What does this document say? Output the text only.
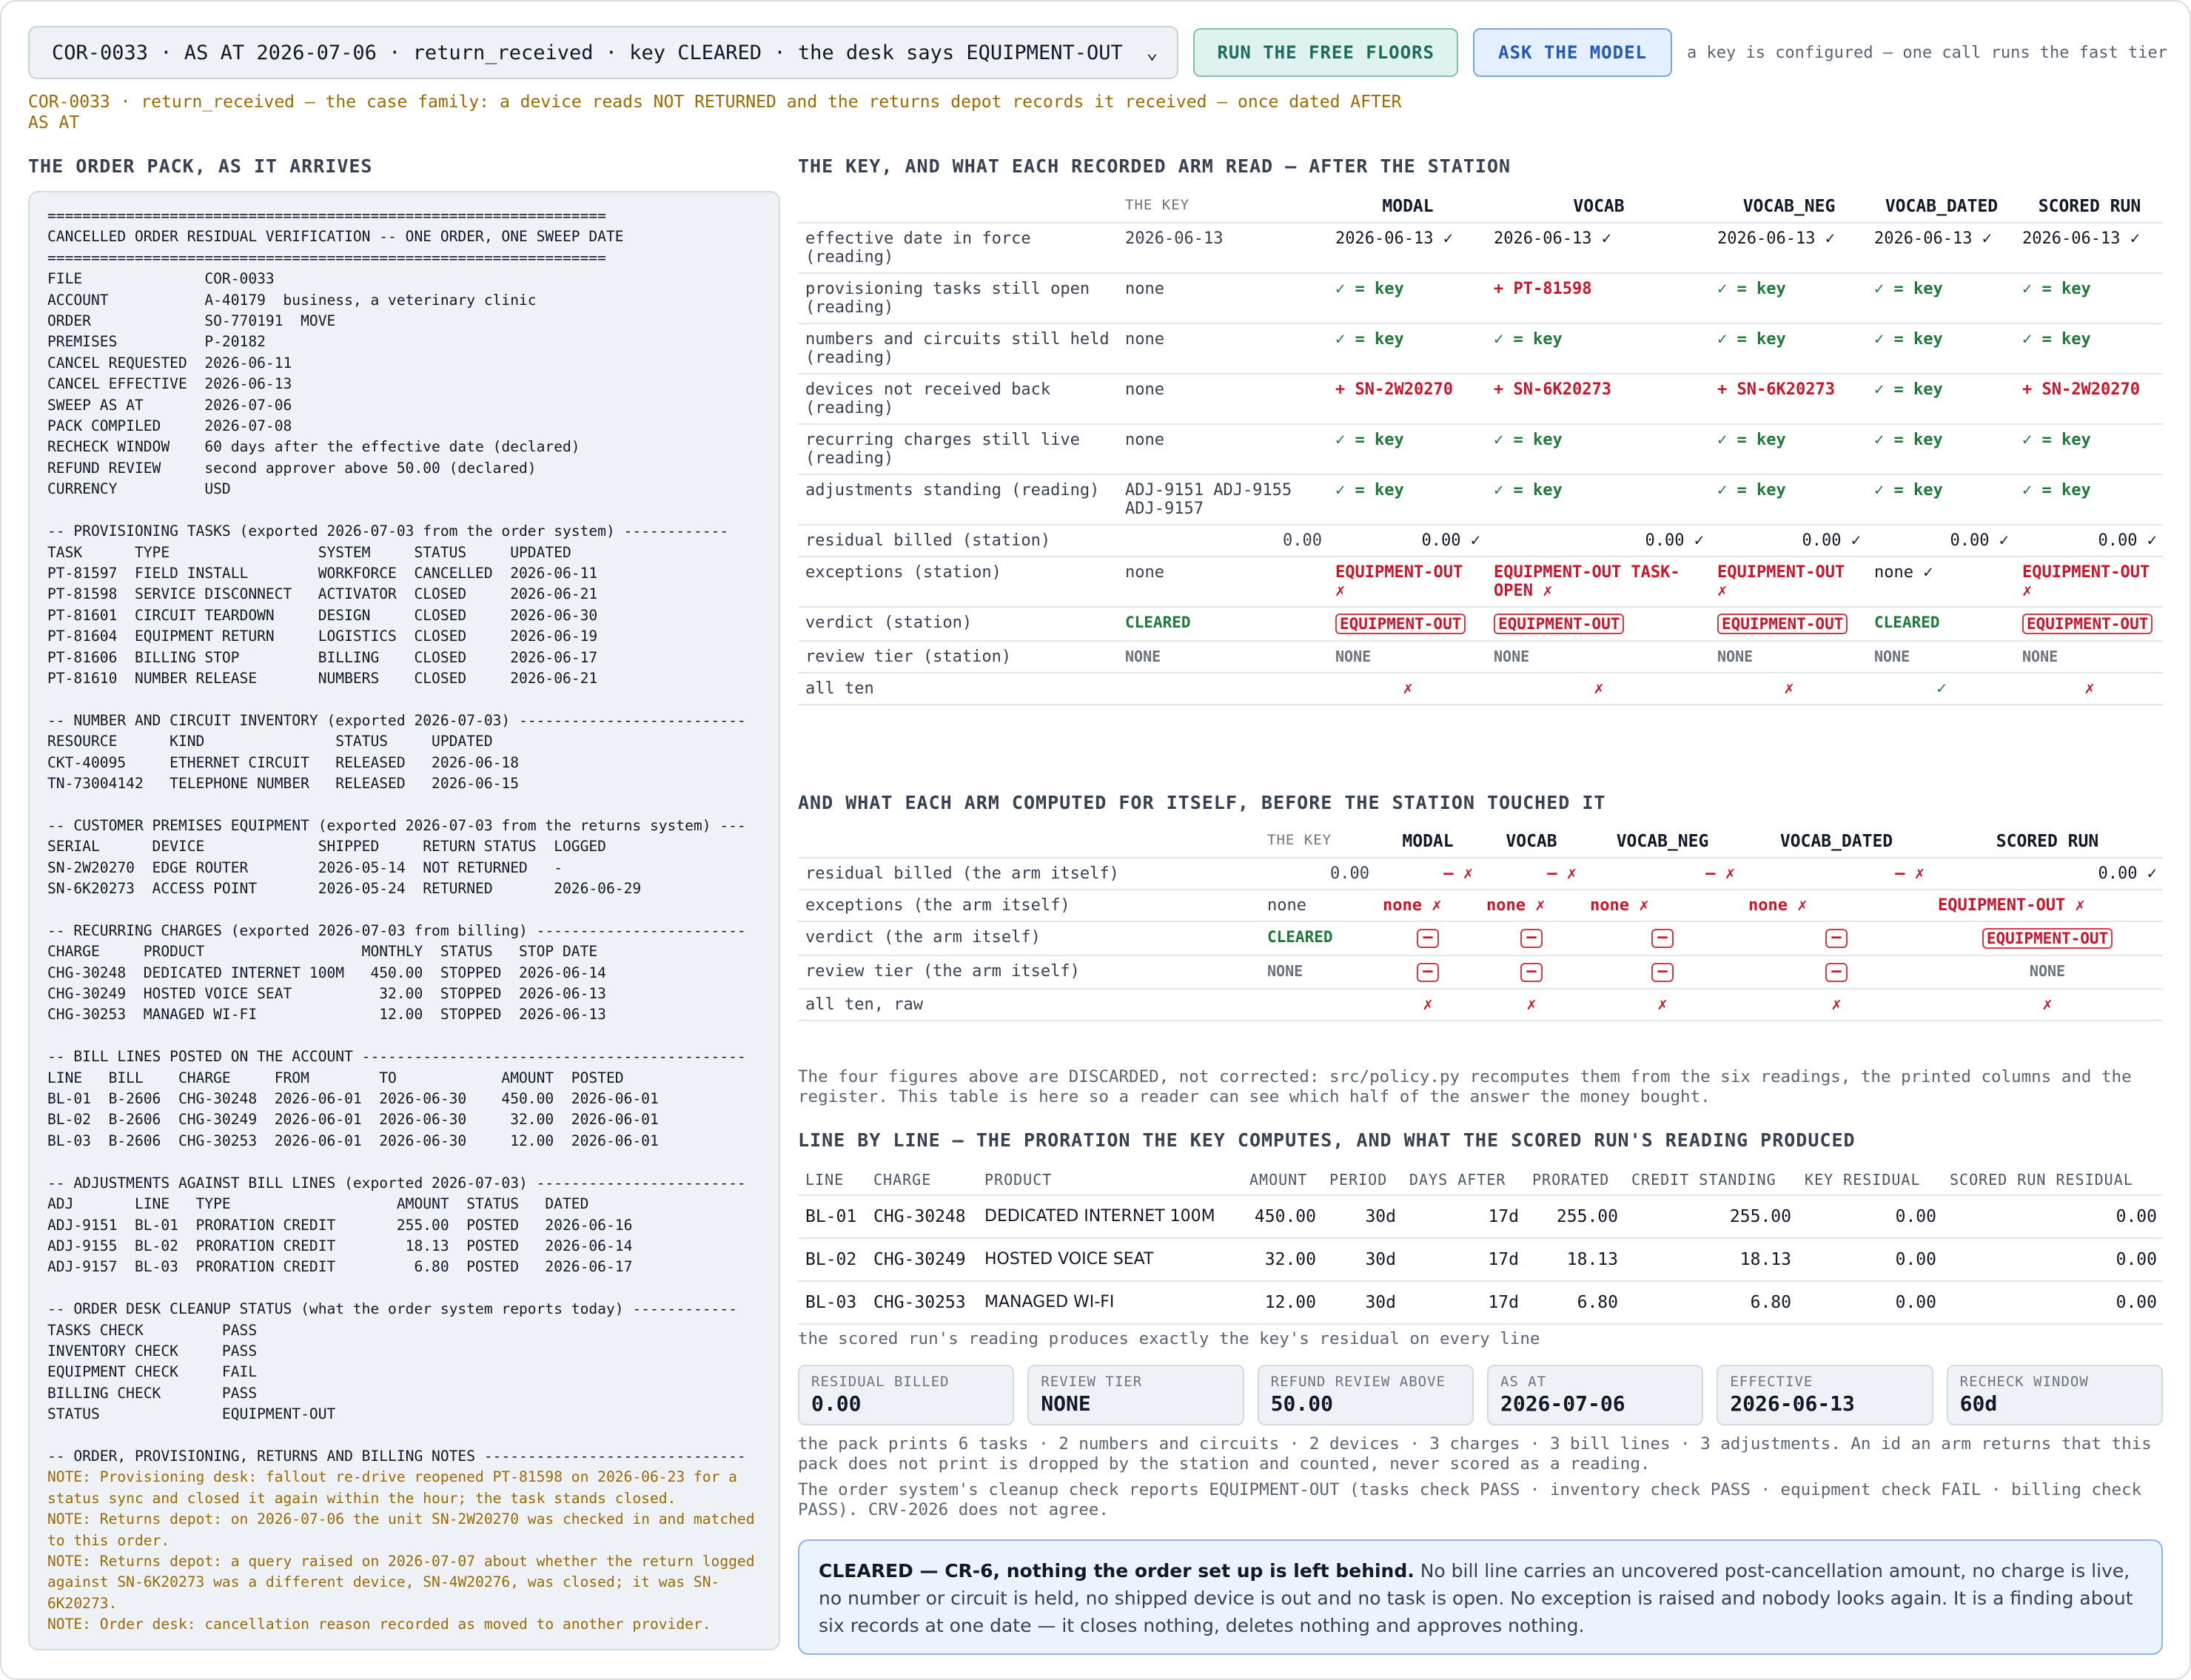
COR-0033 · AS AT 2026-07-06 · return_received · key CLEARED · the desk says EQUIPMENT-OUT ⌄	RUN THE FREE FLOORS	ASK THE MODEL	a key is configured — one call runs the fast tier
COR-0033 · return_received — the case family: a device reads NOT RETURNED and the returns depot records it received — once dated AFTER AS AT
THE ORDER PACK, AS IT ARRIVES
================================================================
CANCELLED ORDER RESIDUAL VERIFICATION -- ONE ORDER, ONE SWEEP DATE
================================================================
FILE              COR-0033
ACCOUNT           A-40179  business, a veterinary clinic
ORDER             SO-770191  MOVE
PREMISES          P-20182
CANCEL REQUESTED  2026-06-11
CANCEL EFFECTIVE  2026-06-13
SWEEP AS AT       2026-07-06
PACK COMPILED     2026-07-08
RECHECK WINDOW    60 days after the effective date (declared)
REFUND REVIEW     second approver above 50.00 (declared)
CURRENCY          USD

-- PROVISIONING TASKS (exported 2026-07-03 from the order system) ------------
TASK      TYPE                 SYSTEM     STATUS     UPDATED
PT-81597  FIELD INSTALL        WORKFORCE  CANCELLED  2026-06-11
PT-81598  SERVICE DISCONNECT   ACTIVATOR  CLOSED     2026-06-21
PT-81601  CIRCUIT TEARDOWN     DESIGN     CLOSED     2026-06-30
PT-81604  EQUIPMENT RETURN     LOGISTICS  CLOSED     2026-06-19
PT-81606  BILLING STOP         BILLING    CLOSED     2026-06-17
PT-81610  NUMBER RELEASE       NUMBERS    CLOSED     2026-06-21

-- NUMBER AND CIRCUIT INVENTORY (exported 2026-07-03) --------------------------
RESOURCE      KIND               STATUS     UPDATED
CKT-40095     ETHERNET CIRCUIT   RELEASED   2026-06-18
TN-73004142   TELEPHONE NUMBER   RELEASED   2026-06-15

-- CUSTOMER PREMISES EQUIPMENT (exported 2026-07-03 from the returns system) ---
SERIAL      DEVICE             SHIPPED     RETURN STATUS  LOGGED
SN-2W20270  EDGE ROUTER        2026-05-14  NOT RETURNED   -
SN-6K20273  ACCESS POINT       2026-05-24  RETURNED       2026-06-29

-- RECURRING CHARGES (exported 2026-07-03 from billing) ------------------------
CHARGE     PRODUCT                  MONTHLY  STATUS   STOP DATE
CHG-30248  DEDICATED INTERNET 100M   450.00  STOPPED  2026-06-14
CHG-30249  HOSTED VOICE SEAT          32.00  STOPPED  2026-06-13
CHG-30253  MANAGED WI-FI              12.00  STOPPED  2026-06-13

-- BILL LINES POSTED ON THE ACCOUNT --------------------------------------------
LINE   BILL    CHARGE     FROM        TO            AMOUNT  POSTED
BL-01  B-2606  CHG-30248  2026-06-01  2026-06-30    450.00  2026-06-01
BL-02  B-2606  CHG-30249  2026-06-01  2026-06-30     32.00  2026-06-01
BL-03  B-2606  CHG-30253  2026-06-01  2026-06-30     12.00  2026-06-01

-- ADJUSTMENTS AGAINST BILL LINES (exported 2026-07-03) ------------------------
ADJ       LINE   TYPE                   AMOUNT  STATUS   DATED
ADJ-9151  BL-01  PRORATION CREDIT       255.00  POSTED   2026-06-16
ADJ-9155  BL-02  PRORATION CREDIT        18.13  POSTED   2026-06-14
ADJ-9157  BL-03  PRORATION CREDIT         6.80  POSTED   2026-06-17

-- ORDER DESK CLEANUP STATUS (what the order system reports today) ------------
TASKS CHECK         PASS
INVENTORY CHECK     PASS
EQUIPMENT CHECK     FAIL
BILLING CHECK       PASS
STATUS              EQUIPMENT-OUT

-- ORDER, PROVISIONING, RETURNS AND BILLING NOTES ------------------------------
NOTE: Provisioning desk: fallout re-drive reopened PT-81598 on 2026-06-23 for a status sync and closed it again within the hour; the task stands closed.
NOTE: Returns depot: on 2026-07-06 the unit SN-2W20270 was checked in and matched to this order.
NOTE: Returns depot: a query raised on 2026-07-07 about whether the return logged against SN-6K20273 was a different device, SN-4W20276, was closed; it was SN-6K20273.
NOTE: Order desk: cancellation reason recorded as moved to another provider.
THE KEY, AND WHAT EACH RECORDED ARM READ — AFTER THE STATION
	THE KEY	MODAL	VOCAB	VOCAB_NEG	VOCAB_DATED	SCORED RUN
effective date in force (reading)	2026-06-13	2026-06-13 ✓	2026-06-13 ✓	2026-06-13 ✓	2026-06-13 ✓	2026-06-13 ✓
provisioning tasks still open (reading)	none	✓ = key	+ PT-81598	✓ = key	✓ = key	✓ = key
numbers and circuits still held (reading)	none	✓ = key	✓ = key	✓ = key	✓ = key	✓ = key
devices not received back (reading)	none	+ SN-2W20270	+ SN-6K20273	+ SN-6K20273	✓ = key	+ SN-2W20270
recurring charges still live (reading)	none	✓ = key	✓ = key	✓ = key	✓ = key	✓ = key
adjustments standing (reading)	ADJ-9151 ADJ-9155 ADJ-9157	✓ = key	✓ = key	✓ = key	✓ = key	✓ = key
residual billed (station)	0.00	0.00 ✓	0.00 ✓	0.00 ✓	0.00 ✓	0.00 ✓
exceptions (station)	none	EQUIPMENT-OUT ✗	EQUIPMENT-OUT TASK-OPEN ✗	EQUIPMENT-OUT ✗	none ✓	EQUIPMENT-OUT ✗
verdict (station)	CLEARED	EQUIPMENT-OUT	EQUIPMENT-OUT	EQUIPMENT-OUT	CLEARED	EQUIPMENT-OUT
review tier (station)	NONE	NONE	NONE	NONE	NONE	NONE
all ten		✗	✗	✗	✓	✗
AND WHAT EACH ARM COMPUTED FOR ITSELF, BEFORE THE STATION TOUCHED IT
	THE KEY	MODAL	VOCAB	VOCAB_NEG	VOCAB_DATED	SCORED RUN
residual billed (the arm itself)	0.00	– ✗	– ✗	– ✗	– ✗	0.00 ✓
exceptions (the arm itself)	none	none ✗	none ✗	none ✗	none ✗	EQUIPMENT-OUT ✗
verdict (the arm itself)	CLEARED	–	–	–	–	EQUIPMENT-OUT
review tier (the arm itself)	NONE	–	–	–	–	NONE
all ten, raw		✗	✗	✗	✗	✗
The four figures above are DISCARDED, not corrected: src/policy.py recomputes them from the six readings, the printed columns and the register. This table is here so a reader can see which half of the answer the money bought.
LINE BY LINE — THE PRORATION THE KEY COMPUTES, AND WHAT THE SCORED RUN'S READING PRODUCED
LINE	CHARGE	PRODUCT	AMOUNT	PERIOD	DAYS AFTER	PRORATED	CREDIT STANDING	KEY RESIDUAL	SCORED RUN RESIDUAL
BL-01	CHG-30248	DEDICATED INTERNET 100M	450.00	30d	17d	255.00	255.00	0.00	0.00
BL-02	CHG-30249	HOSTED VOICE SEAT	32.00	30d	17d	18.13	18.13	0.00	0.00
BL-03	CHG-30253	MANAGED WI-FI	12.00	30d	17d	6.80	6.80	0.00	0.00
the scored run's reading produces exactly the key's residual on every line
RESIDUAL BILLED
0.00
REVIEW TIER
NONE
REFUND REVIEW ABOVE
50.00
AS AT
2026-07-06
EFFECTIVE
2026-06-13
RECHECK WINDOW
60d
the pack prints 6 tasks · 2 numbers and circuits · 2 devices · 3 charges · 3 bill lines · 3 adjustments. An id an arm returns that this pack does not print is dropped by the station and counted, never scored as a reading.
The order system's cleanup check reports EQUIPMENT-OUT (tasks check PASS · inventory check PASS · equipment check FAIL · billing check PASS). CRV-2026 does not agree.
CLEARED — CR-6, nothing the order set up is left behind. No bill line carries an uncovered post-cancellation amount, no charge is live, no number or circuit is held, no shipped device is out and no task is open. No exception is raised and nobody looks again. It is a finding about six records at one date — it closes nothing, deletes nothing and approves nothing.
